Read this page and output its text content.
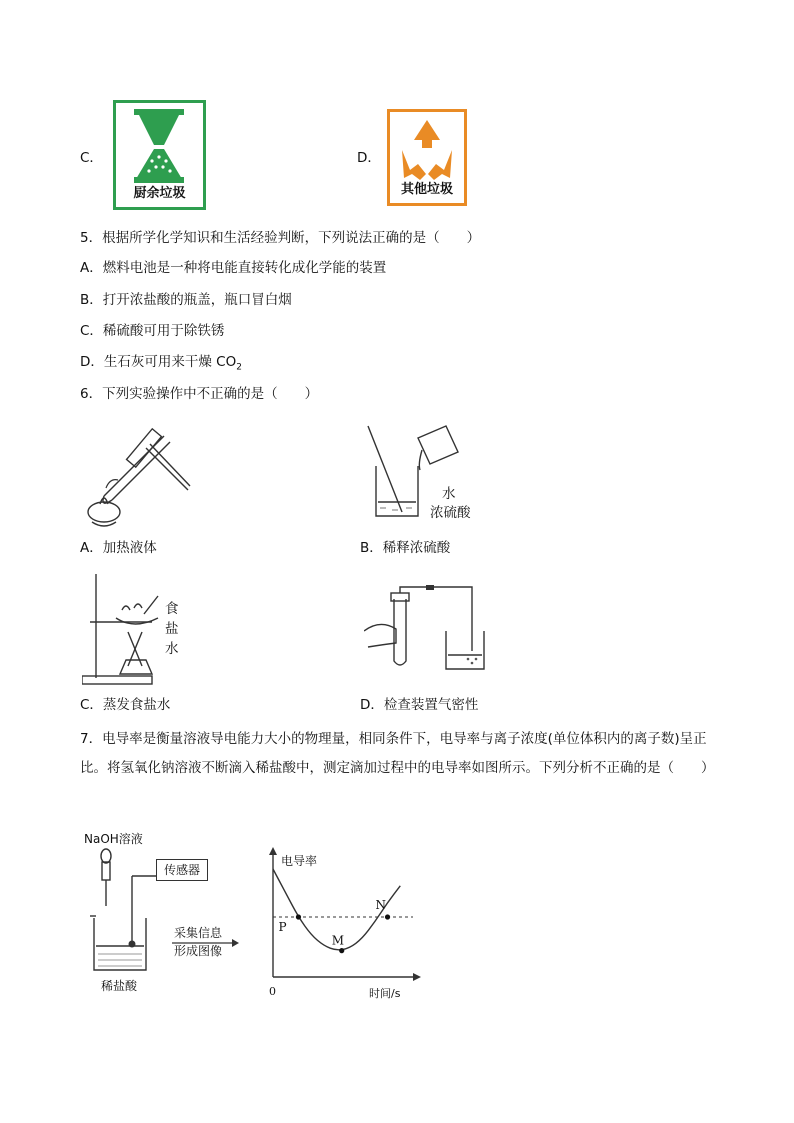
C．
厨余垃圾
D．
其他垃圾
5．根据所学化学知识和生活经验判断，下列说法正确的是（　　）
A．燃料电池是一种将电能直接转化成化学能的装置
B．打开浓盐酸的瓶盖，瓶口冒白烟
C．稀硫酸可用于除铁锈
D．生石灰可用来干燥 $CO_2$
6．下列实验操作中不正确的是（　　）
A．加热液体
水
浓硫酸
B．稀释浓硫酸
食
盐
水
C．蒸发食盐水	D．检查装置气密性
7．电导率是衡量溶液导电能力大小的物理量，相同条件下，电导率与离子浓度(单位体积内的离子数)呈正比。将氢氧化钠溶液不断滴入稀盐酸中，测定滴加过程中的电导率如图所示。下列分析不正确的是（　　）
NaOH溶液
传感器
稀盐酸
采集信息
形成图像
P
M
N
电导率
时间/s
0
